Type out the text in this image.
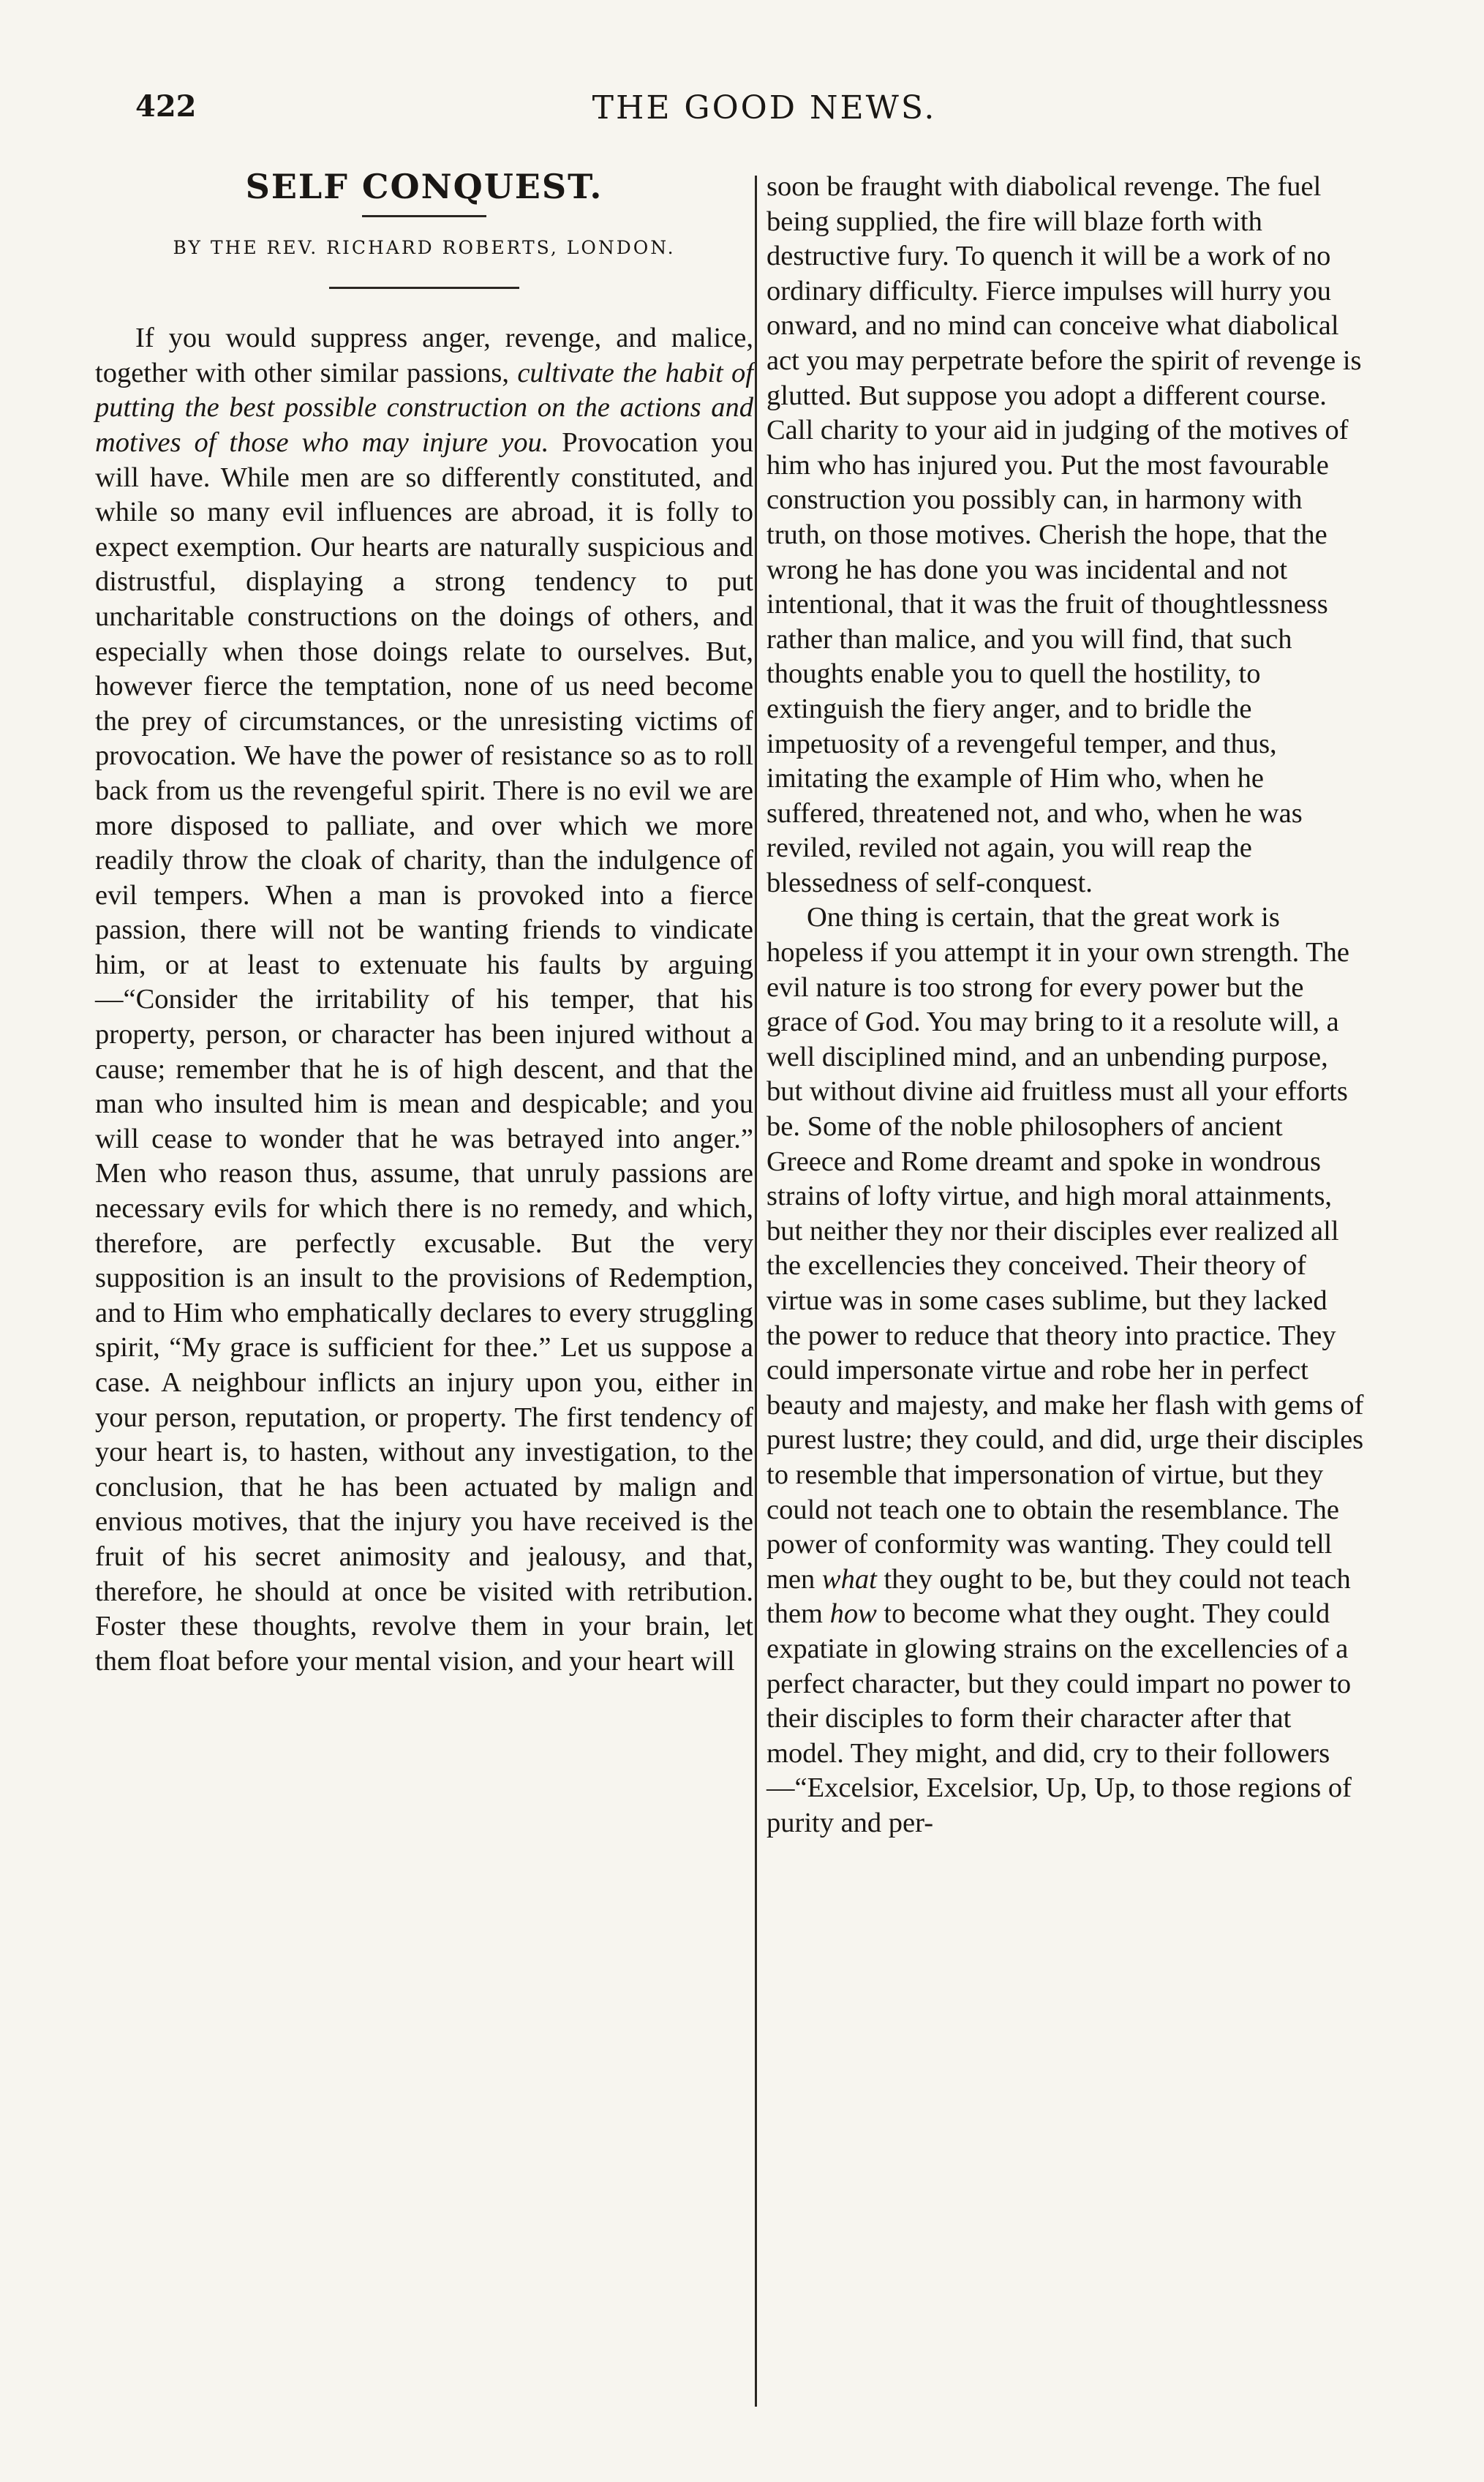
422	THE GOOD NEWS.
SELF CONQUEST.
BY THE REV. RICHARD ROBERTS, LONDON.

If you would suppress anger, revenge, and malice, together with other similar passions, cultivate the habit of putting the best possible construction on the actions and motives of those who may injure you. Provocation you will have. While men are so differently constituted, and while so many evil influences are abroad, it is folly to expect exemption. Our hearts are naturally suspicious and distrustful, displaying a strong tendency to put uncharitable constructions on the doings of others, and especially when those doings relate to ourselves. But, however fierce the temptation, none of us need become the prey of circumstances, or the unresisting victims of provocation. We have the power of resistance so as to roll back from us the revengeful spirit. There is no evil we are more disposed to palliate, and over which we more readily throw the cloak of charity, than the indulgence of evil tempers. When a man is provoked into a fierce passion, there will not be wanting friends to vindicate him, or at least to extenuate his faults by arguing—“Consider the irritability of his temper, that his property, person, or character has been injured without a cause; remember that he is of high descent, and that the man who insulted him is mean and despicable; and you will cease to wonder that he was betrayed into anger.” Men who reason thus, assume, that unruly passions are necessary evils for which there is no remedy, and which, therefore, are perfectly excusable. But the very supposition is an insult to the provisions of Redemption, and to Him who emphatically declares to every struggling spirit, “My grace is sufficient for thee.” Let us suppose a case. A neighbour inflicts an injury upon you, either in your person, reputation, or property. The first tendency of your heart is, to hasten, without any investigation, to the conclusion, that he has been actuated by malign and envious motives, that the injury you have received is the fruit of his secret animosity and jealousy, and that, therefore, he should at once be visited with retribution. Foster these thoughts, revolve them in your brain, let them float before your mental vision, and your heart will

soon be fraught with diabolical revenge. The fuel being supplied, the fire will blaze forth with destructive fury. To quench it will be a work of no ordinary difficulty. Fierce impulses will hurry you onward, and no mind can conceive what diabolical act you may perpetrate before the spirit of revenge is glutted. But suppose you adopt a different course. Call charity to your aid in judging of the motives of him who has injured you. Put the most favourable construction you possibly can, in harmony with truth, on those motives. Cherish the hope, that the wrong he has done you was incidental and not intentional, that it was the fruit of thoughtlessness rather than malice, and you will find, that such thoughts enable you to quell the hostility, to extinguish the fiery anger, and to bridle the impetuosity of a revengeful temper, and thus, imitating the example of Him who, when he suffered, threatened not, and who, when he was reviled, reviled not again, you will reap the blessedness of self-conquest.

One thing is certain, that the great work is hopeless if you attempt it in your own strength. The evil nature is too strong for every power but the grace of God. You may bring to it a resolute will, a well disciplined mind, and an unbending purpose, but without divine aid fruitless must all your efforts be. Some of the noble philosophers of ancient Greece and Rome dreamt and spoke in wondrous strains of lofty virtue, and high moral attainments, but neither they nor their disciples ever realized all the excellencies they conceived. Their theory of virtue was in some cases sublime, but they lacked the power to reduce that theory into practice. They could impersonate virtue and robe her in perfect beauty and majesty, and make her flash with gems of purest lustre; they could, and did, urge their disciples to resemble that impersonation of virtue, but they could not teach one to obtain the resemblance. The power of conformity was wanting. They could tell men what they ought to be, but they could not teach them how to become what they ought. They could expatiate in glowing strains on the excellencies of a perfect character, but they could impart no power to their disciples to form their character after that model. They might, and did, cry to their followers—“Excelsior, Excelsior, Up, Up, to those regions of purity and per-
